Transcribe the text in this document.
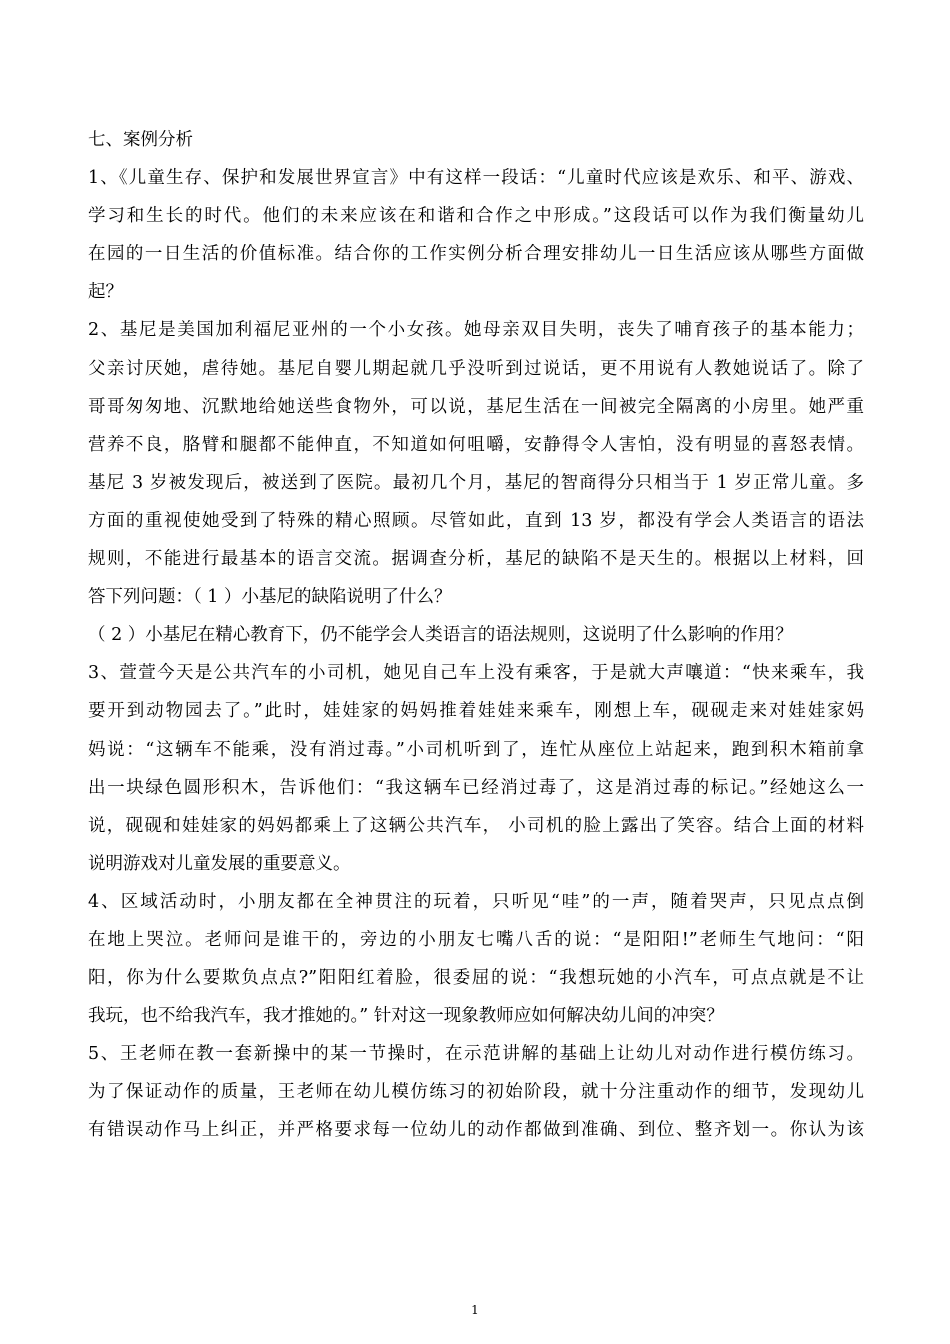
七、案例分析
1、《儿童生存、保护和发展世界宣言》中有这样一段话：“儿童时代应该是欢乐、和平、游戏、
学习和生长的时代。他们的未来应该在和谐和合作之中形成。”这段话可以作为我们衡量幼儿
在园的一日生活的价值标准。结合你的工作实例分析合理安排幼儿一日生活应该从哪些方面做
起？
2、基尼是美国加利福尼亚州的一个小女孩。她母亲双目失明，丧失了哺育孩子的基本能力；
父亲讨厌她，虐待她。基尼自婴儿期起就几乎没听到过说话，更不用说有人教她说话了。除了
哥哥匆匆地、沉默地给她送些食物外，可以说，基尼生活在一间被完全隔离的小房里。她严重
营养不良，胳臂和腿都不能伸直，不知道如何咀嚼，安静得令人害怕，没有明显的喜怒表情。
基尼 3 岁被发现后，被送到了医院。最初几个月，基尼的智商得分只相当于 1 岁正常儿童。多
方面的重视使她受到了特殊的精心照顾。尽管如此，直到 13 岁，都没有学会人类语言的语法
规则，不能进行最基本的语言交流。据调查分析，基尼的缺陷不是天生的。根据以上材料，回
答下列问题：（ 1 ）小基尼的缺陷说明了什么？
（ 2 ）小基尼在精心教育下，仍不能学会人类语言的语法规则，这说明了什么影响的作用？
3、萱萱今天是公共汽车的小司机，她见自己车上没有乘客，于是就大声嚷道：“快来乘车，我
要开到动物园去了。”此时，娃娃家的妈妈推着娃娃来乘车，刚想上车，砚砚走来对娃娃家妈
妈说：“这辆车不能乘，没有消过毒。”小司机听到了，连忙从座位上站起来，跑到积木箱前拿
出一块绿色圆形积木，告诉他们：“我这辆车已经消过毒了，这是消过毒的标记。”经她这么一
说，砚砚和娃娃家的妈妈都乘上了这辆公共汽车， 小司机的脸上露出了笑容。结合上面的材料
说明游戏对儿童发展的重要意义。
4、区域活动时，小朋友都在全神贯注的玩着，只听见“哇”的一声，随着哭声，只见点点倒
在地上哭泣。老师问是谁干的，旁边的小朋友七嘴八舌的说：“是阳阳!”老师生气地问：“阳
阳，你为什么要欺负点点?”阳阳红着脸，很委屈的说：“我想玩她的小汽车，可点点就是不让
我玩，也不给我汽车，我才推她的。” 针对这一现象教师应如何解决幼儿间的冲突？
5、王老师在教一套新操中的某一节操时，在示范讲解的基础上让幼儿对动作进行模仿练习。
为了保证动作的质量，王老师在幼儿模仿练习的初始阶段，就十分注重动作的细节，发现幼儿
有错误动作马上纠正，并严格要求每一位幼儿的动作都做到准确、到位、整齐划一。你认为该
1
